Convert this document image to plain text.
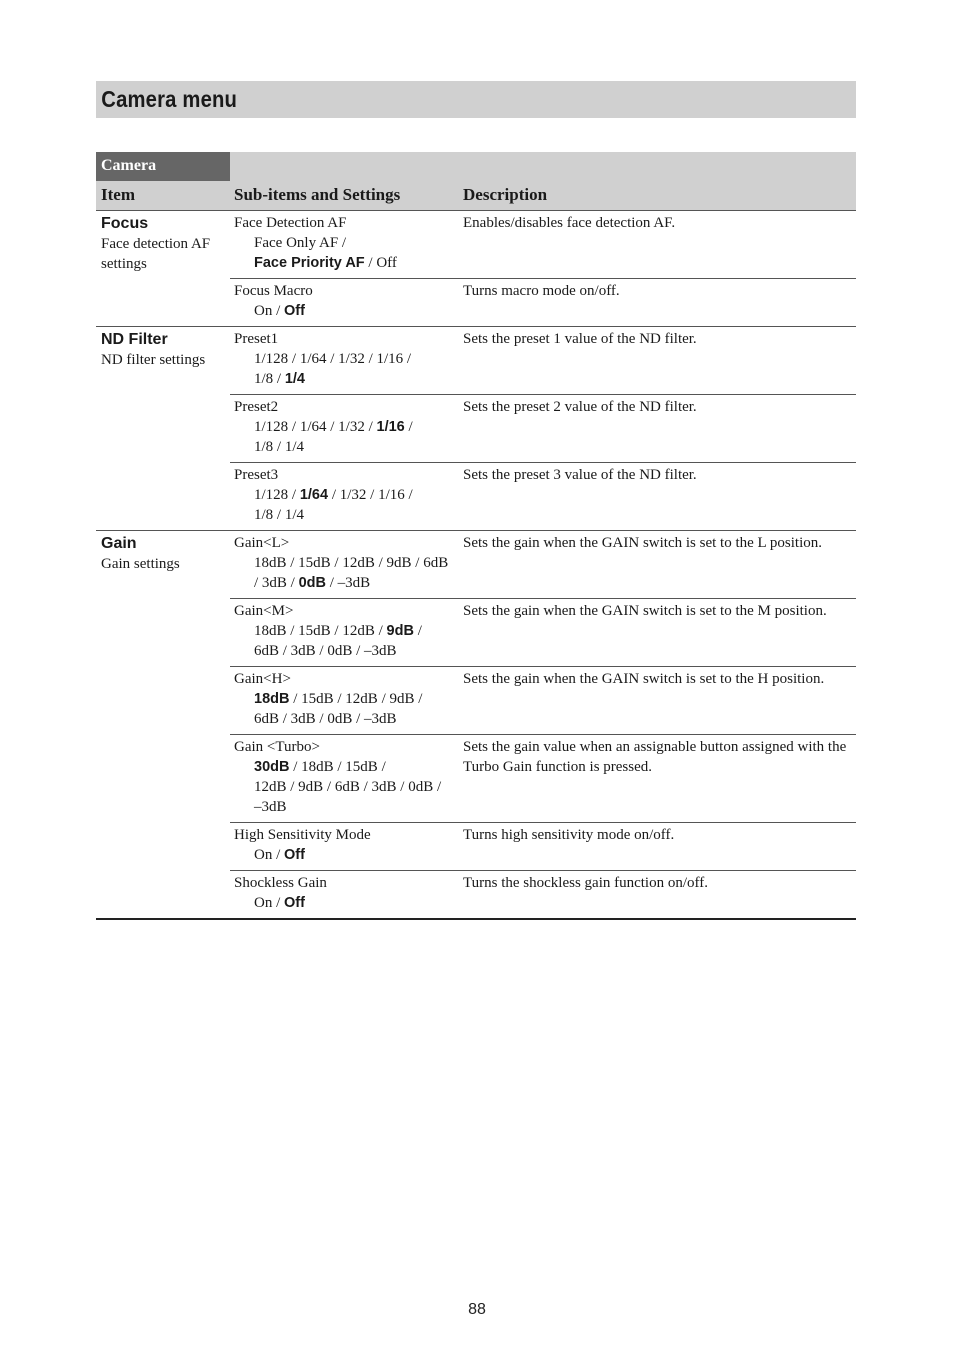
Camera menu
Camera		
Item	Sub-items and Settings	Description

Focus
Face detection AF settings	Face Detection AF
Face Only AF /
Face Priority AF / Off	Enables/disables face detection AF.
	Focus Macro
On / Off	Turns macro mode on/off.

ND Filter
ND filter settings	Preset1
1/128 / 1/64 / 1/32 / 1/16 /
1/8 / 1/4	Sets the preset 1 value of the ND filter.
	Preset2
1/128 / 1/64 / 1/32 / 1/16 /
1/8 / 1/4	Sets the preset 2 value of the ND filter.
	Preset3
1/128 / 1/64 / 1/32 / 1/16 /
1/8 / 1/4	Sets the preset 3 value of the ND filter.

Gain
Gain settings	Gain<L>
18dB / 15dB / 12dB / 9dB / 6dB
/ 3dB / 0dB / –3dB	Sets the gain when the GAIN switch is set to the L position.
	Gain<M>
18dB / 15dB / 12dB / 9dB /
6dB / 3dB / 0dB / –3dB	Sets the gain when the GAIN switch is set to the M position.
	Gain<H>
18dB / 15dB / 12dB / 9dB /
6dB / 3dB / 0dB / –3dB	Sets the gain when the GAIN switch is set to the H position.
	Gain <Turbo>
30dB / 18dB / 15dB /
12dB / 9dB / 6dB / 3dB / 0dB /
–3dB	Sets the gain value when an assignable button assigned with the Turbo Gain function is pressed.
	High Sensitivity Mode
On / Off	Turns high sensitivity mode on/off.
	Shockless Gain
On / Off	Turns the shockless gain function on/off.
88
